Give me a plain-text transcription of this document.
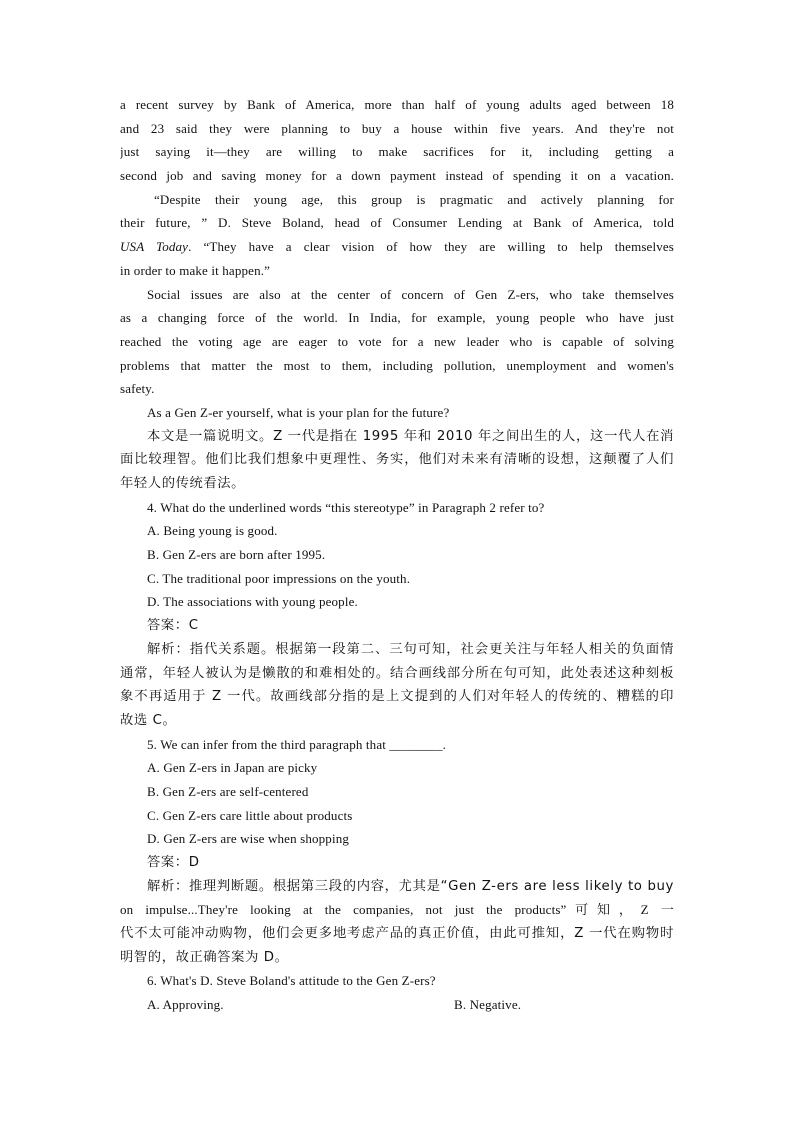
a recent survey by Bank of America, more than half of young adults aged between 18
and 23 said they were planning to buy a house within five years. And they're not
just saying it—they are willing to make sacrifices for it, including getting a
second job and saving money for a down payment instead of spending it on a vacation.
“Despite their young age, this group is pragmatic and actively planning for
their future, ” D. Steve Boland, head of Consumer Lending at Bank of America, told
USA Today. “They have a clear vision of how they are willing to help themselves
in order to make it happen.”
Social issues are also at the center of concern of Gen Z-ers, who take themselves
as a changing force of the world. In India, for example, young people who have just
reached the voting age are eager to vote for a new leader who is capable of solving
problems that matter the most to them, including pollution, unemployment and women's
safety.
As a Gen Z-er yourself, what is your plan for the future?
本文是一篇说明文。Z 一代是指在 1995 年和 2010 年之间出生的人，这一代人在消
面比较理智。他们比我们想象中更理性、务实，他们对未来有清晰的设想，这颠覆了人们
年轻人的传统看法。
4. What do the underlined words “this stereotype” in Paragraph 2 refer to?
A. Being young is good.
B. Gen Z-ers are born after 1995.
C. The traditional poor impressions on the youth.
D. The associations with young people.
答案：C
解析：指代关系题。根据第一段第二、三句可知，社会更关注与年轻人相关的负面情
通常，年轻人被认为是懒散的和难相处的。结合画线部分所在句可知，此处表述这种刻板
象不再适用于 Z 一代。故画线部分指的是上文提到的人们对年轻人的传统的、糟糕的印
故选 C。
5. We can infer from the third paragraph that ________.
A. Gen Z-ers in Japan are picky
B. Gen Z-ers are self-centered
C. Gen Z-ers care little about products
D. Gen Z-ers are wise when shopping
答案：D
解析：推理判断题。根据第三段的内容，尤其是“Gen Z-ers are less likely to buy
on impulse...They're looking at the companies, not just the products”可知，Z 一
代不太可能冲动购物，他们会更多地考虑产品的真正价值，由此可推知，Z 一代在购物时
明智的，故正确答案为 D。
6. What's D. Steve Boland's attitude to the Gen Z-ers?
A. Approving.	B. Negative.
